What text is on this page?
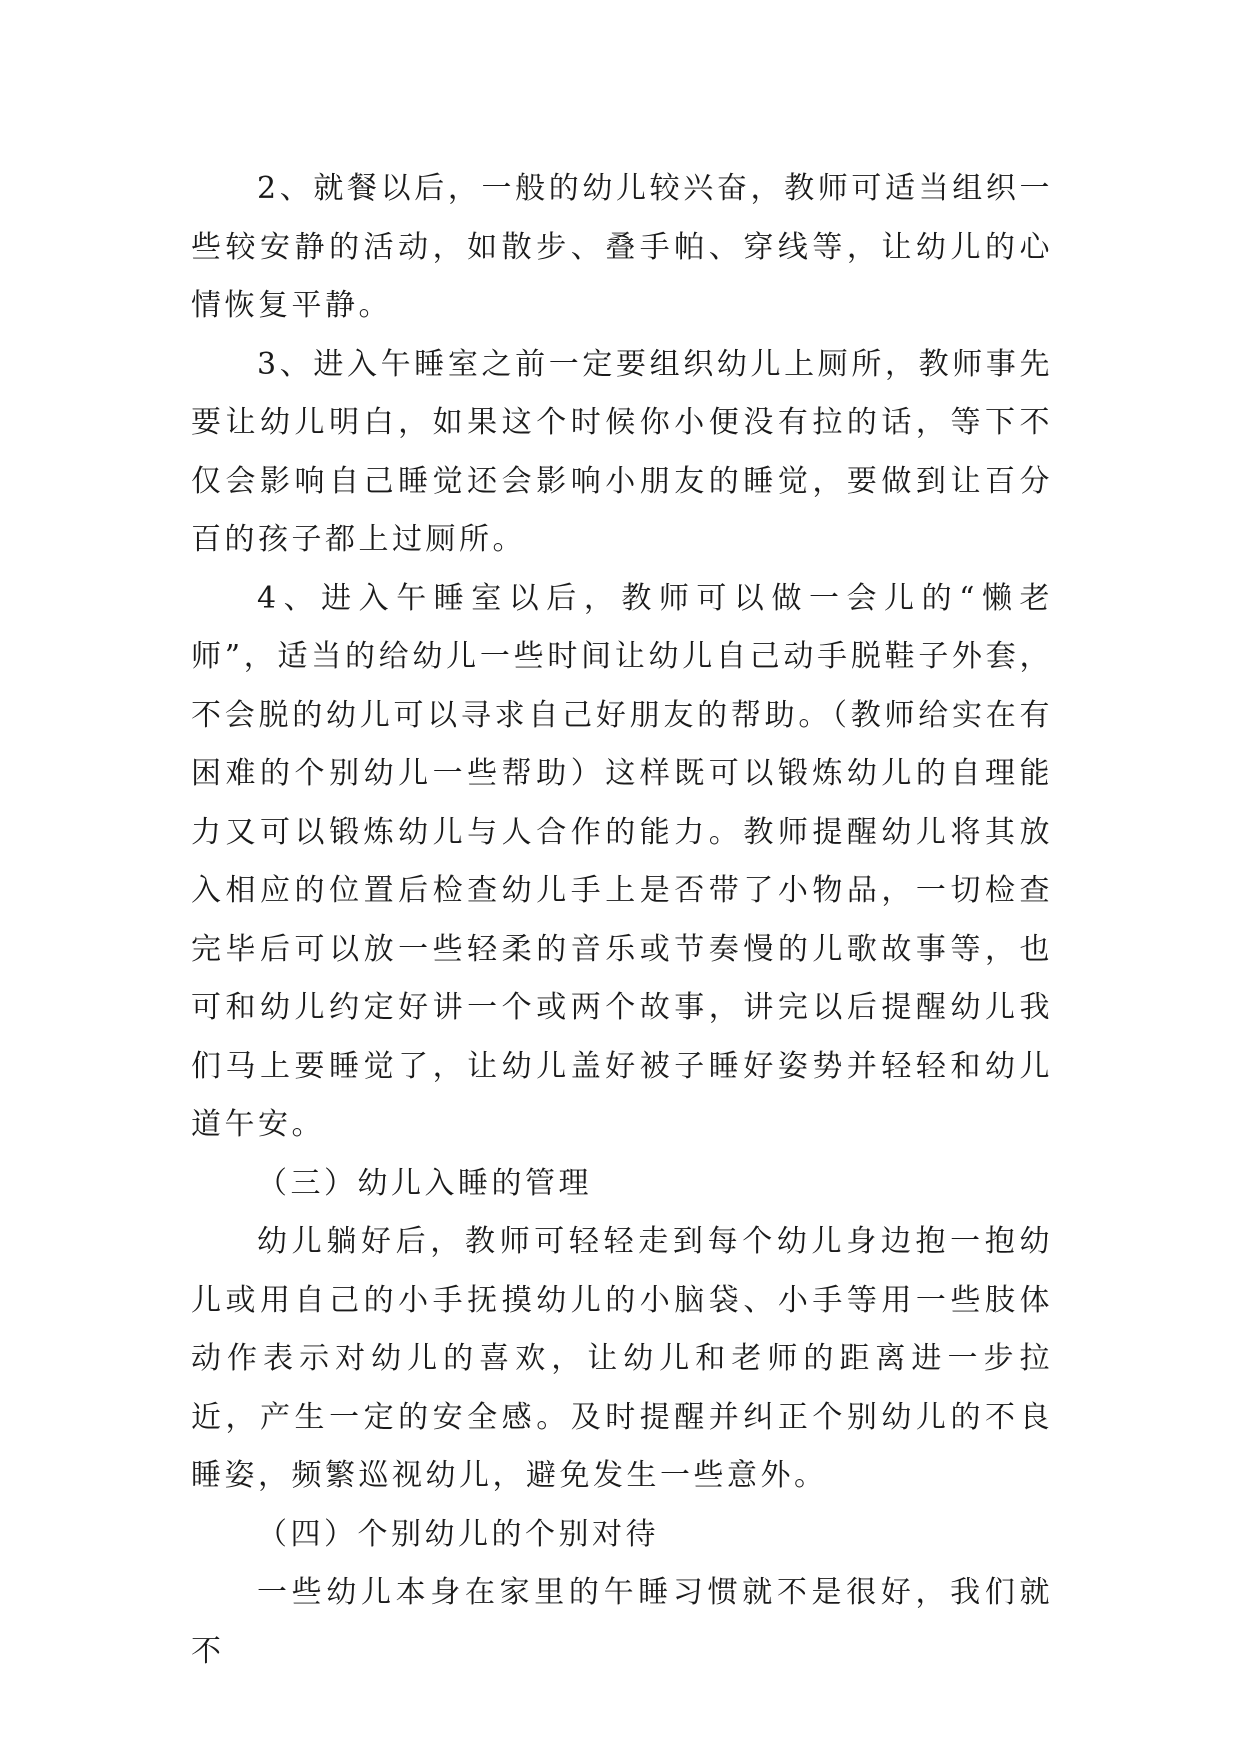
2、就餐以后，一般的幼儿较兴奋，教师可适当组织一些较安静的活动，如散步、叠手帕、穿线等，让幼儿的心情恢复平静。

3、进入午睡室之前一定要组织幼儿上厕所，教师事先要让幼儿明白，如果这个时候你小便没有拉的话，等下不仅会影响自己睡觉还会影响小朋友的睡觉，要做到让百分百的孩子都上过厕所。

4、进入午睡室以后，教师可以做一会儿的“懒老师”，适当的给幼儿一些时间让幼儿自己动手脱鞋子外套，不会脱的幼儿可以寻求自己好朋友的帮助。（教师给实在有困难的个别幼儿一些帮助）这样既可以锻炼幼儿的自理能力又可以锻炼幼儿与人合作的能力。教师提醒幼儿将其放入相应的位置后检查幼儿手上是否带了小物品，一切检查完毕后可以放一些轻柔的音乐或节奏慢的儿歌故事等，也可和幼儿约定好讲一个或两个故事，讲完以后提醒幼儿我们马上要睡觉了，让幼儿盖好被子睡好姿势并轻轻和幼儿道午安。

（三）幼儿入睡的管理

幼儿躺好后，教师可轻轻走到每个幼儿身边抱一抱幼儿或用自己的小手抚摸幼儿的小脑袋、小手等用一些肢体动作表示对幼儿的喜欢，让幼儿和老师的距离进一步拉近，产生一定的安全感。及时提醒并纠正个别幼儿的不良睡姿，频繁巡视幼儿，避免发生一些意外。

（四）个别幼儿的个别对待

一些幼儿本身在家里的午睡习惯就不是很好，我们就不
